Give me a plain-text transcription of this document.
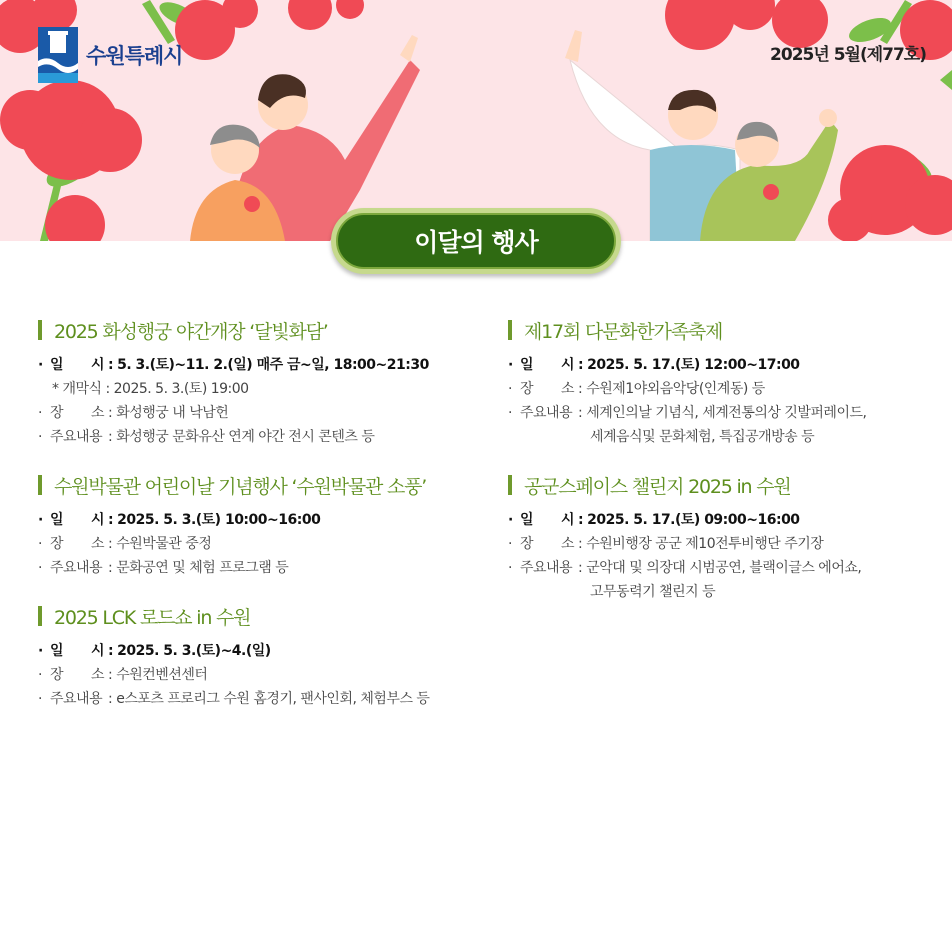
수원특례시	2025년 5월(제77호)
이달의 행사
2025 화성행궁 야간개장 ‘달빛화담’
· 일 시 : 5. 3.(토)~11. 2.(일) 매주 금~일, 18:00~21:30
* 개막식 : 2025. 5. 3.(토) 19:00
· 장 소 : 화성행궁 내 낙남헌
· 주요내용 : 화성행궁 문화유산 연계 야간 전시 콘텐츠 등
수원박물관 어린이날 기념행사 ‘수원박물관 소풍’
· 일 시 : 2025. 5. 3.(토) 10:00~16:00
· 장 소 : 수원박물관 중정
· 주요내용 : 문화공연 및 체험 프로그램 등
2025 LCK 로드쇼 in 수원
· 일 시 : 2025. 5. 3.(토)~4.(일)
· 장 소 : 수원컨벤션센터
· 주요내용 : e스포츠 프로리그 수원 홈경기, 팬사인회, 체험부스 등
제17회 다문화한가족축제
· 일 시 : 2025. 5. 17.(토) 12:00~17:00
· 장 소 : 수원제1야외음악당(인계동) 등
· 주요내용 : 세계인의날 기념식, 세계전통의상 깃발퍼레이드,
세계음식및 문화체험, 특집공개방송 등
공군스페이스 챌린지 2025 in 수원
· 일 시 : 2025. 5. 17.(토) 09:00~16:00
· 장 소 : 수원비행장 공군 제10전투비행단 주기장
· 주요내용 : 군악대 및 의장대 시범공연, 블랙이글스 에어쇼,
고무동력기 챌린지 등
